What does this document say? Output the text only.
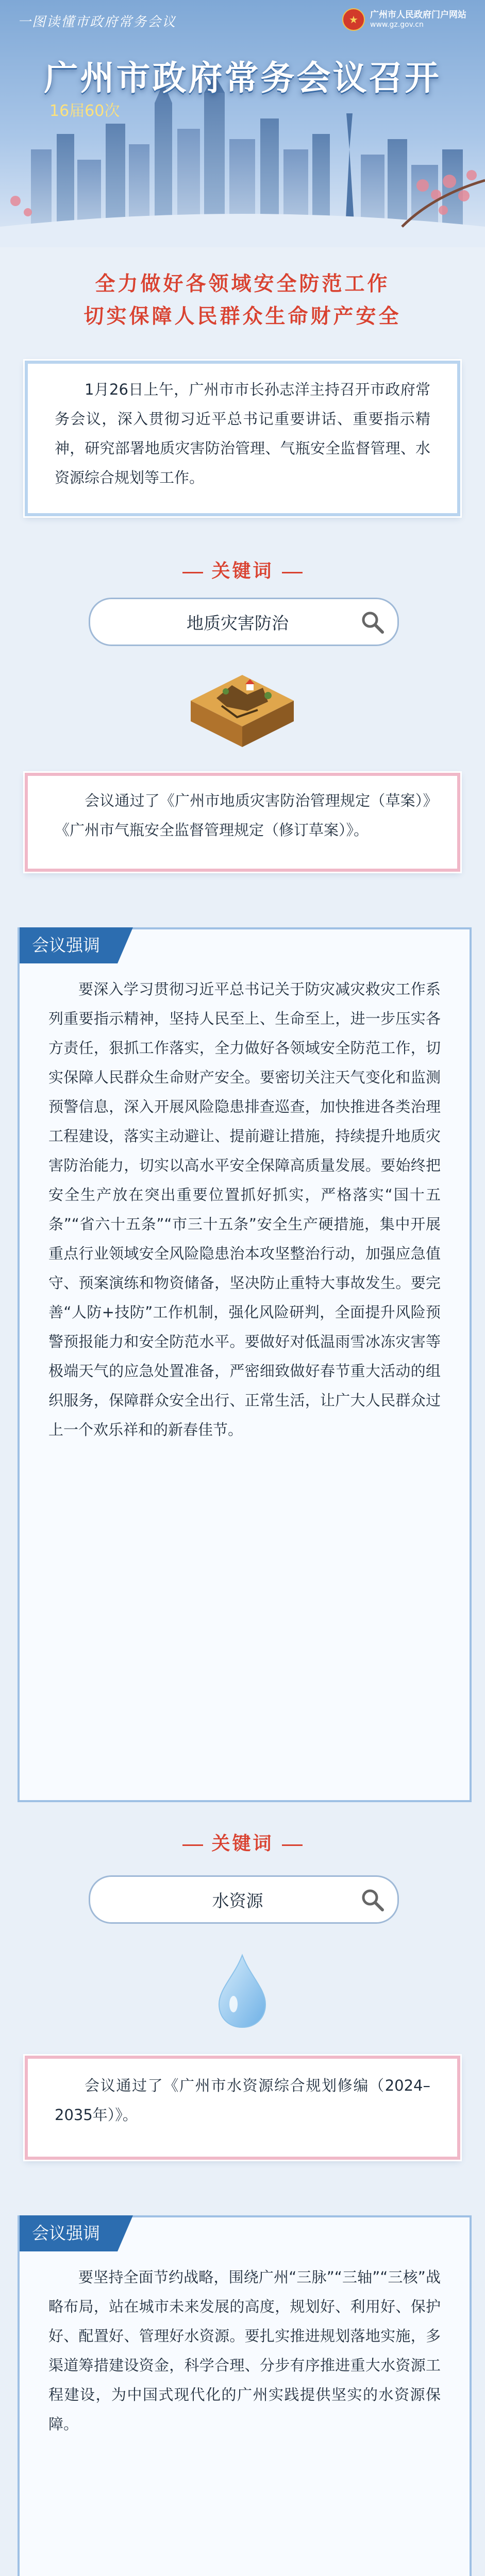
一图读懂市政府常务会议	★	广州市人民政府门户网站
www.gz.gov.cn
广州市政府常务会议召开
16届60次
全力做好各领域安全防范工作
切实保障人民群众生命财产安全
1月26日上午，广州市市长孙志洋主持召开市政府常务会议，深入贯彻习近平总书记重要讲话、重要指示精神，研究部署地质灾害防治管理、气瓶安全监督管理、水资源综合规划等工作。
关键词
地质灾害防治
会议通过了《广州市地质灾害防治管理规定（草案）》《广州市气瓶安全监督管理规定（修订草案）》。
会议强调
要深入学习贯彻习近平总书记关于防灾减灾救灾工作系列重要指示精神，坚持人民至上、生命至上，进一步压实各方责任，狠抓工作落实，全力做好各领域安全防范工作，切实保障人民群众生命财产安全。要密切关注天气变化和监测预警信息，深入开展风险隐患排查巡查，加快推进各类治理工程建设，落实主动避让、提前避让措施，持续提升地质灾害防治能力，切实以高水平安全保障高质量发展。要始终把安全生产放在突出重要位置抓好抓实，严格落实“国十五条”“省六十五条”“市三十五条”安全生产硬措施，集中开展重点行业领域安全风险隐患治本攻坚整治行动，加强应急值守、预案演练和物资储备，坚决防止重特大事故发生。要完善“人防+技防”工作机制，强化风险研判，全面提升风险预警预报能力和安全防范水平。要做好对低温雨雪冰冻灾害等极端天气的应急处置准备，严密细致做好春节重大活动的组织服务，保障群众安全出行、正常生活，让广大人民群众过上一个欢乐祥和的新春佳节。
关键词
水资源
会议通过了《广州市水资源综合规划修编（2024–2035年）》。
会议强调
要坚持全面节约战略，围绕广州“三脉”“三轴”“三核”战略布局，站在城市未来发展的高度，规划好、利用好、保护好、配置好、管理好水资源。要扎实推进规划落地实施，多渠道筹措建设资金，科学合理、分步有序推进重大水资源工程建设，为中国式现代化的广州实践提供坚实的水资源保障。
